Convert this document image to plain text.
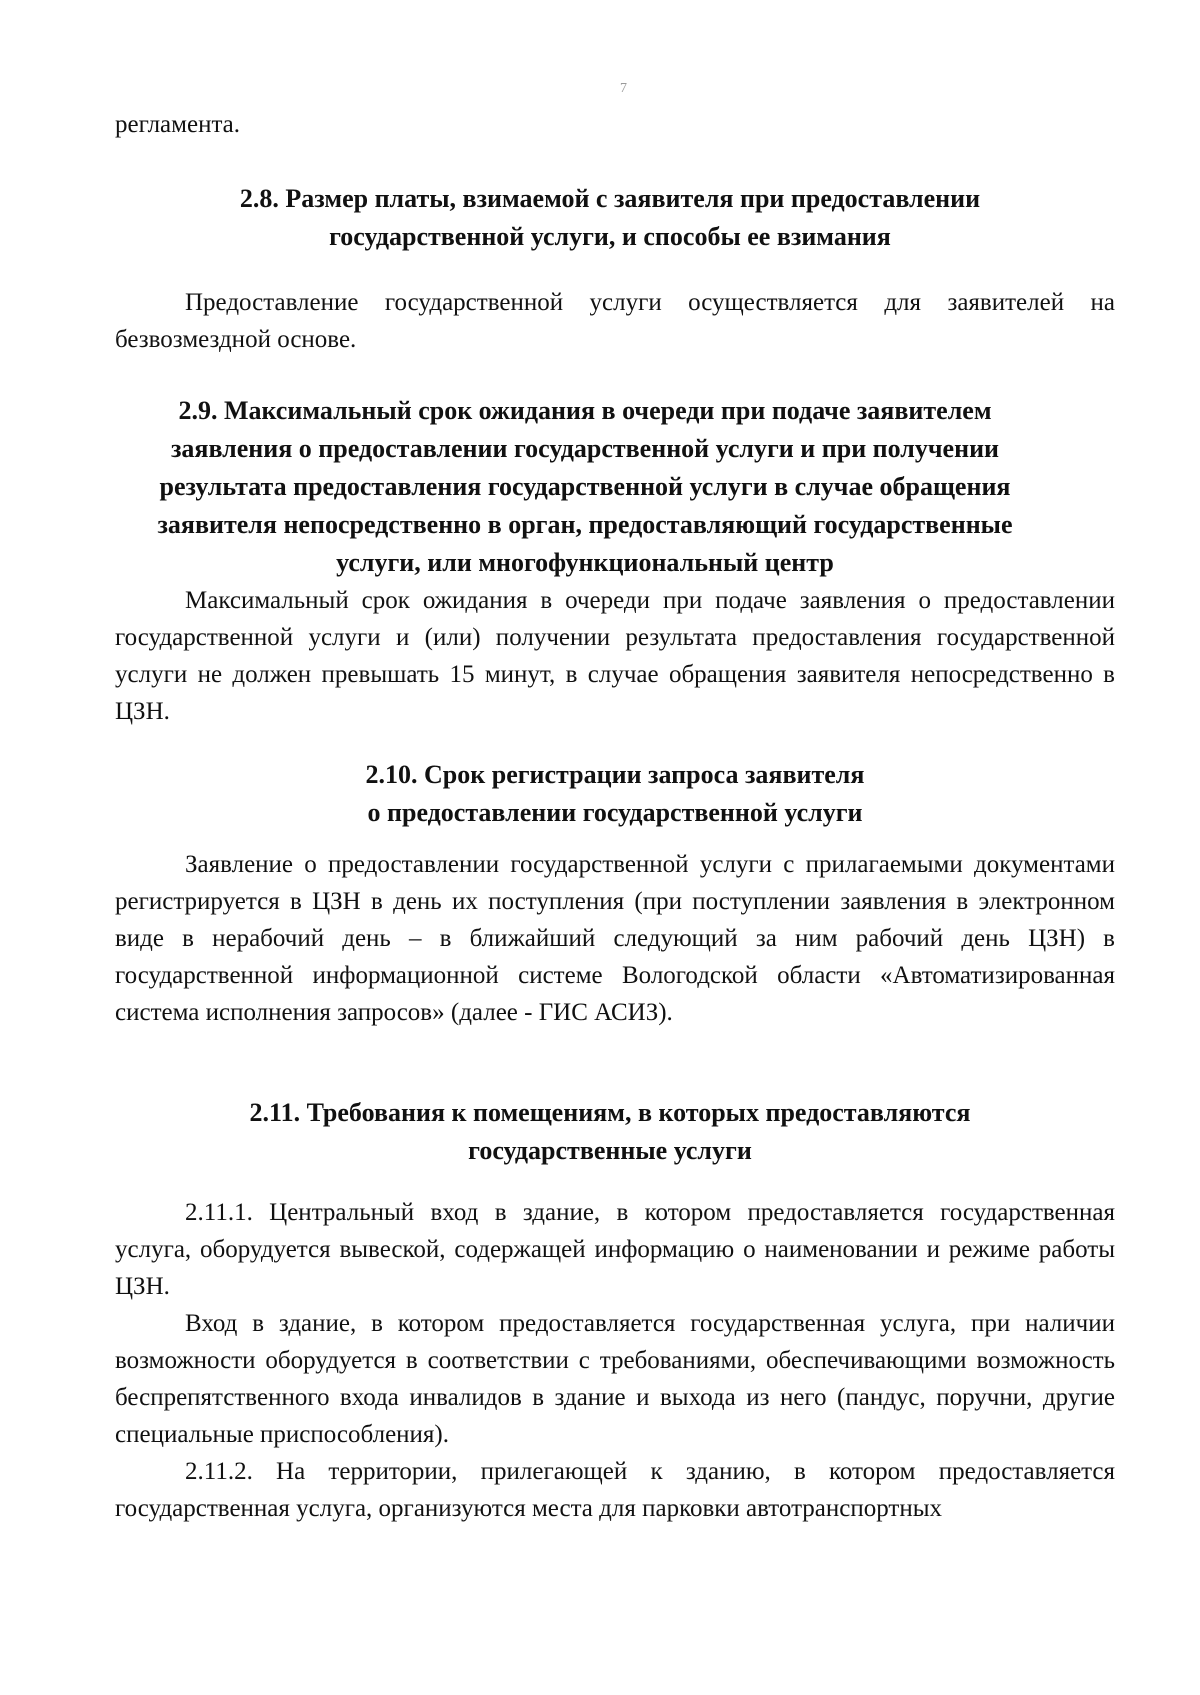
7

регламента.

2.8. Размер платы, взимаемой с заявителя при предоставлении государственной услуги, и способы ее взимания

Предоставление государственной услуги осуществляется для заявителей на безвозмездной основе.

2.9. Максимальный срок ожидания в очереди при подаче заявителем заявления о предоставлении государственной услуги и при получении результата предоставления государственной услуги в случае обращения заявителя непосредственно в орган, предоставляющий государственные услуги, или многофункциональный центр

Максимальный срок ожидания в очереди при подаче заявления о предоставлении государственной услуги и (или) получении результата предоставления государственной услуги не должен превышать 15 минут, в случае обращения заявителя непосредственно в ЦЗН.

2.10. Срок регистрации запроса заявителя

о предоставлении государственной услуги

Заявление о предоставлении государственной услуги с прилагаемыми документами регистрируется в ЦЗН в день их поступления (при поступлении заявления в электронном виде в нерабочий день – в ближайший следующий за ним рабочий день ЦЗН) в государственной информационной системе Вологодской области «Автоматизированная система исполнения запросов» (далее - ГИС АСИЗ).

2.11. Требования к помещениям, в которых предоставляются государственные услуги

2.11.1. Центральный вход в здание, в котором предоставляется государственная услуга, оборудуется вывеской, содержащей информацию о наименовании и режиме работы ЦЗН.

Вход в здание, в котором предоставляется государственная услуга, при наличии возможности оборудуется в соответствии с требованиями, обеспечивающими возможность беспрепятственного входа инвалидов в здание и выхода из него (пандус, поручни, другие специальные приспособления).

2.11.2. На территории, прилегающей к зданию, в котором предоставляется государственная услуга, организуются места для парковки автотранспортных
